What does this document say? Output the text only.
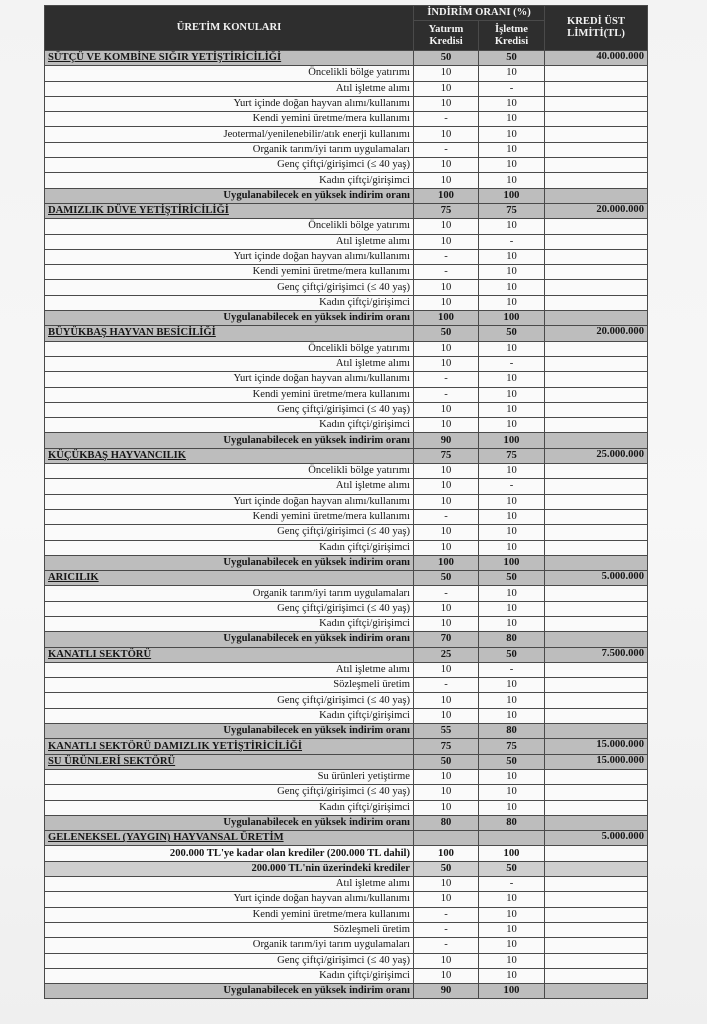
ÜRETİM KONULARI	İNDİRİM ORANI (%)		KREDİ ÜST LİMİTİ(TL)
	Yatırım Kredisi	İşletme Kredisi	
SÜTÇÜ VE KOMBİNE SIĞIR YETİŞTİRİCİLİĞİ	50	50	40.000.000
Öncelikli bölge yatırımı	10	10	
Atıl işletme alımı	10	-	
Yurt içinde doğan hayvan alımı/kullanımı	10	10	
Kendi yemini üretme/mera kullanımı	-	10	
Jeotermal/yenilenebilir/atık enerji kullanımı	10	10	
Organik tarım/iyi tarım uygulamaları	-	10	
Genç çiftçi/girişimci (≤ 40 yaş)	10	10	
Kadın çiftçi/girişimci	10	10	
Uygulanabilecek en yüksek indirim oranı	100	100	
DAMIZLIK DÜVE YETİŞTİRİCİLİĞİ	75	75	20.000.000
Öncelikli bölge yatırımı	10	10	
Atıl işletme alımı	10	-	
Yurt içinde doğan hayvan alımı/kullanımı	-	10	
Kendi yemini üretme/mera kullanımı	-	10	
Genç çiftçi/girişimci (≤ 40 yaş)	10	10	
Kadın çiftçi/girişimci	10	10	
Uygulanabilecek en yüksek indirim oranı	100	100	
BÜYÜKBAŞ HAYVAN BESİCİLİĞİ	50	50	20.000.000
Öncelikli bölge yatırımı	10	10	
Atıl işletme alımı	10	-	
Yurt içinde doğan hayvan alımı/kullanımı	-	10	
Kendi yemini üretme/mera kullanımı	-	10	
Genç çiftçi/girişimci (≤ 40 yaş)	10	10	
Kadın çiftçi/girişimci	10	10	
Uygulanabilecek en yüksek indirim oranı	90	100	
KÜÇÜKBAŞ HAYVANCILIK	75	75	25.000.000
Öncelikli bölge yatırımı	10	10	
Atıl işletme alımı	10	-	
Yurt içinde doğan hayvan alımı/kullanımı	10	10	
Kendi yemini üretme/mera kullanımı	-	10	
Genç çiftçi/girişimci (≤ 40 yaş)	10	10	
Kadın çiftçi/girişimci	10	10	
Uygulanabilecek en yüksek indirim oranı	100	100	
ARICILIK	50	50	5.000.000
Organik tarım/iyi tarım uygulamaları	-	10	
Genç çiftçi/girişimci (≤ 40 yaş)	10	10	
Kadın çiftçi/girişimci	10	10	
Uygulanabilecek en yüksek indirim oranı	70	80	
KANATLI SEKTÖRÜ	25	50	7.500.000
Atıl işletme alımı	10	-	
Sözleşmeli üretim	-	10	
Genç çiftçi/girişimci (≤ 40 yaş)	10	10	
Kadın çiftçi/girişimci	10	10	
Uygulanabilecek en yüksek indirim oranı	55	80	
KANATLI SEKTÖRÜ DAMIZLIK YETİŞTİRİCİLİĞİ	75	75	15.000.000
SU ÜRÜNLERİ SEKTÖRÜ	50	50	15.000.000
Su ürünleri yetiştirme	10	10	
Genç çiftçi/girişimci (≤ 40 yaş)	10	10	
Kadın çiftçi/girişimci	10	10	
Uygulanabilecek en yüksek indirim oranı	80	80	
GELENEKSEL (YAYGIN) HAYVANSAL ÜRETİM			5.000.000
200.000 TL'ye kadar olan krediler (200.000 TL dahil)	100	100	
200.000 TL'nin üzerindeki krediler	50	50	
Atıl işletme alımı	10	-	
Yurt içinde doğan hayvan alımı/kullanımı	10	10	
Kendi yemini üretme/mera kullanımı	-	10	
Sözleşmeli üretim	-	10	
Organik tarım/iyi tarım uygulamaları	-	10	
Genç çiftçi/girişimci (≤ 40 yaş)	10	10	
Kadın çiftçi/girişimci	10	10	
Uygulanabilecek en yüksek indirim oranı	90	100	
